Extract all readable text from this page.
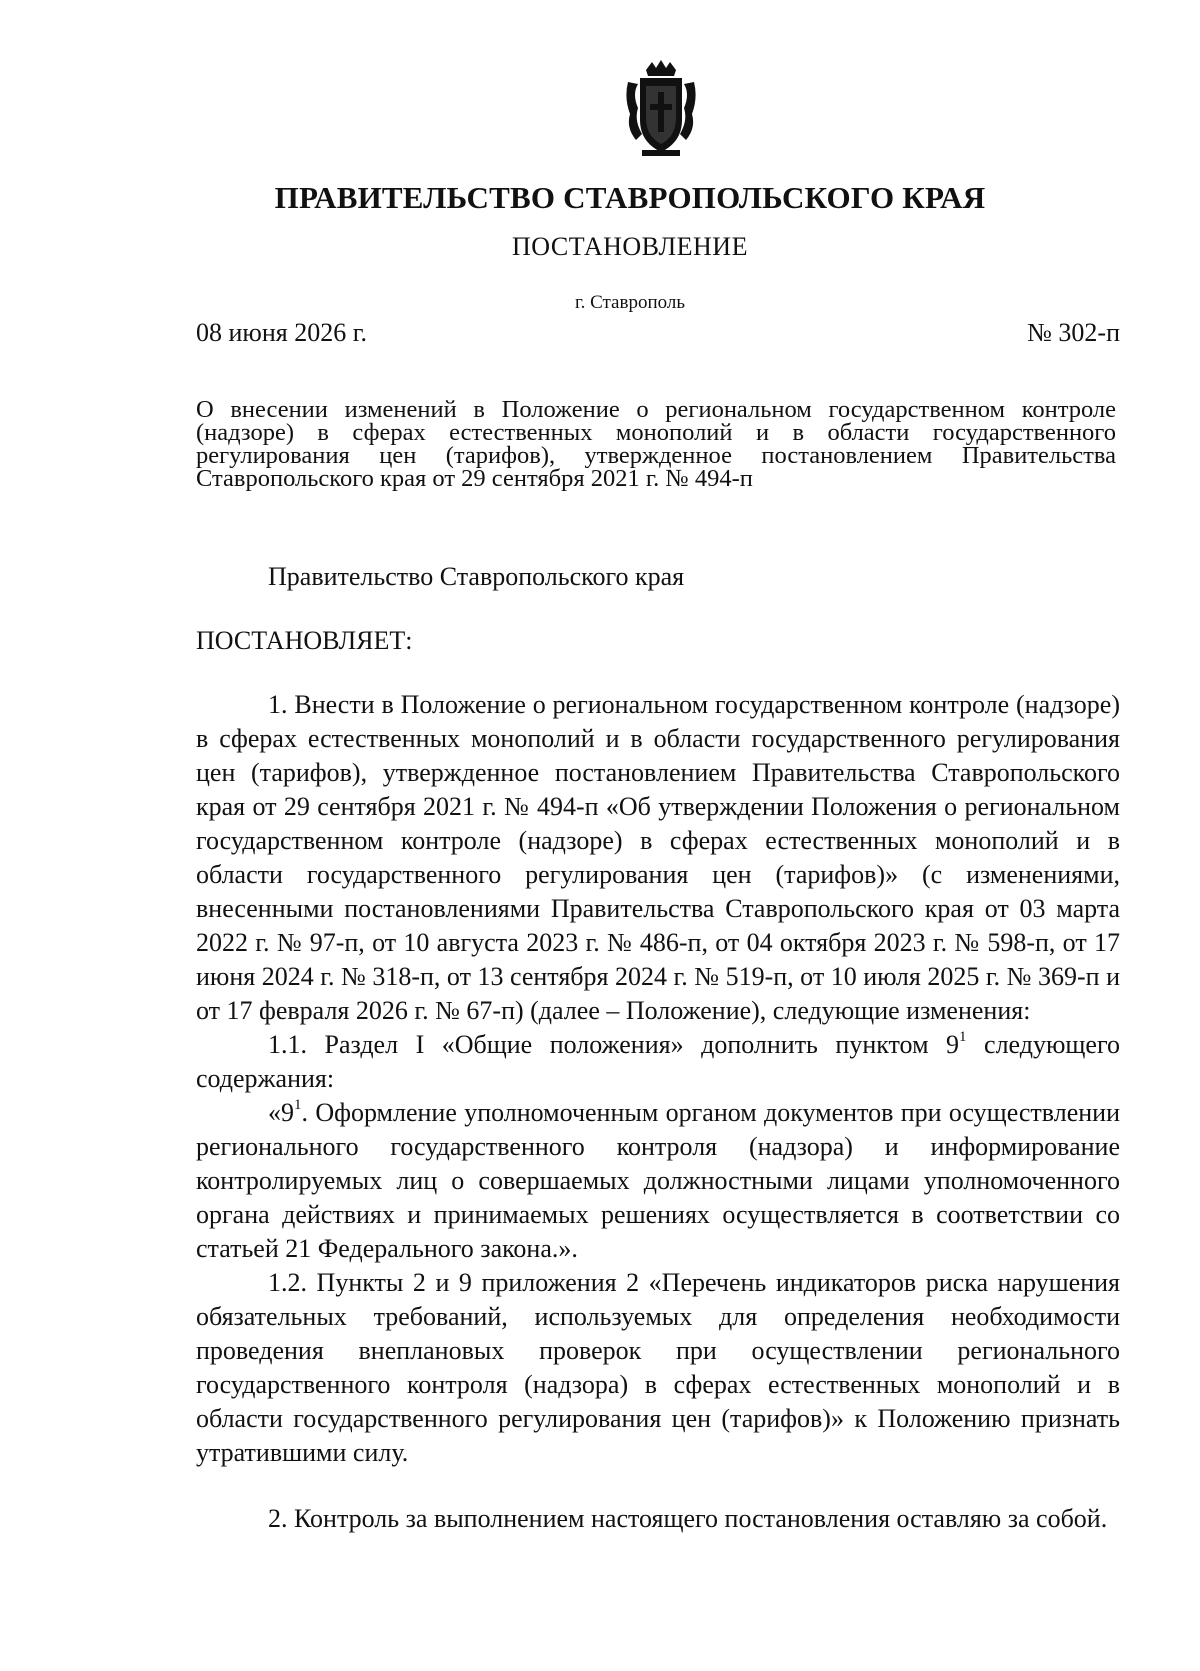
ПРАВИТЕЛЬСТВО СТАВРОПОЛЬСКОГО КРАЯ
ПОСТАНОВЛЕНИЕ
г. Ставрополь
08 июня 2026 г.	№ 302-п
О внесении изменений в Положение о региональном государственном контроле (надзоре) в сферах естественных монополий и в области государственного регулирования цен (тарифов), утвержденное постановлением Правительства Ставропольского края от 29 сентября 2021 г. № 494-п

Правительство Ставропольского края

ПОСТАНОВЛЯЕТ:

1. Внести в Положение о региональном государственном контроле (надзоре) в сферах естественных монополий и в области государственного регулирования цен (тарифов), утвержденное постановлением Правительства Ставропольского края от 29 сентября 2021 г. № 494-п «Об утверждении Положения о региональном государственном контроле (надзоре) в сферах естественных монополий и в области государственного регулирования цен (тарифов)» (с изменениями, внесенными постановлениями Правительства Ставропольского края от 03 марта 2022 г. № 97-п, от 10 августа 2023 г. № 486-п, от 04 октября 2023 г. № 598-п, от 17 июня 2024 г. № 318-п, от 13 сентября 2024 г. № 519-п, от 10 июля 2025 г. № 369-п и от 17 февраля 2026 г. № 67-п) (далее – Положение), следующие изменения:

1.1. Раздел I «Общие положения» дополнить пунктом $9^1$ следующего содержания:

«$9^1$. Оформление уполномоченным органом документов при осуществлении регионального государственного контроля (надзора) и информирование контролируемых лиц о совершаемых должностными лицами уполномоченного органа действиях и принимаемых решениях осуществляется в соответствии со статьей 21 Федерального закона.».

1.2. Пункты 2 и 9 приложения 2 «Перечень индикаторов риска нарушения обязательных требований, используемых для определения необходимости проведения внеплановых проверок при осуществлении регионального государственного контроля (надзора) в сферах естественных монополий и в области государственного регулирования цен (тарифов)» к Положению признать утратившими силу.

2. Контроль за выполнением настоящего постановления оставляю за собой.
